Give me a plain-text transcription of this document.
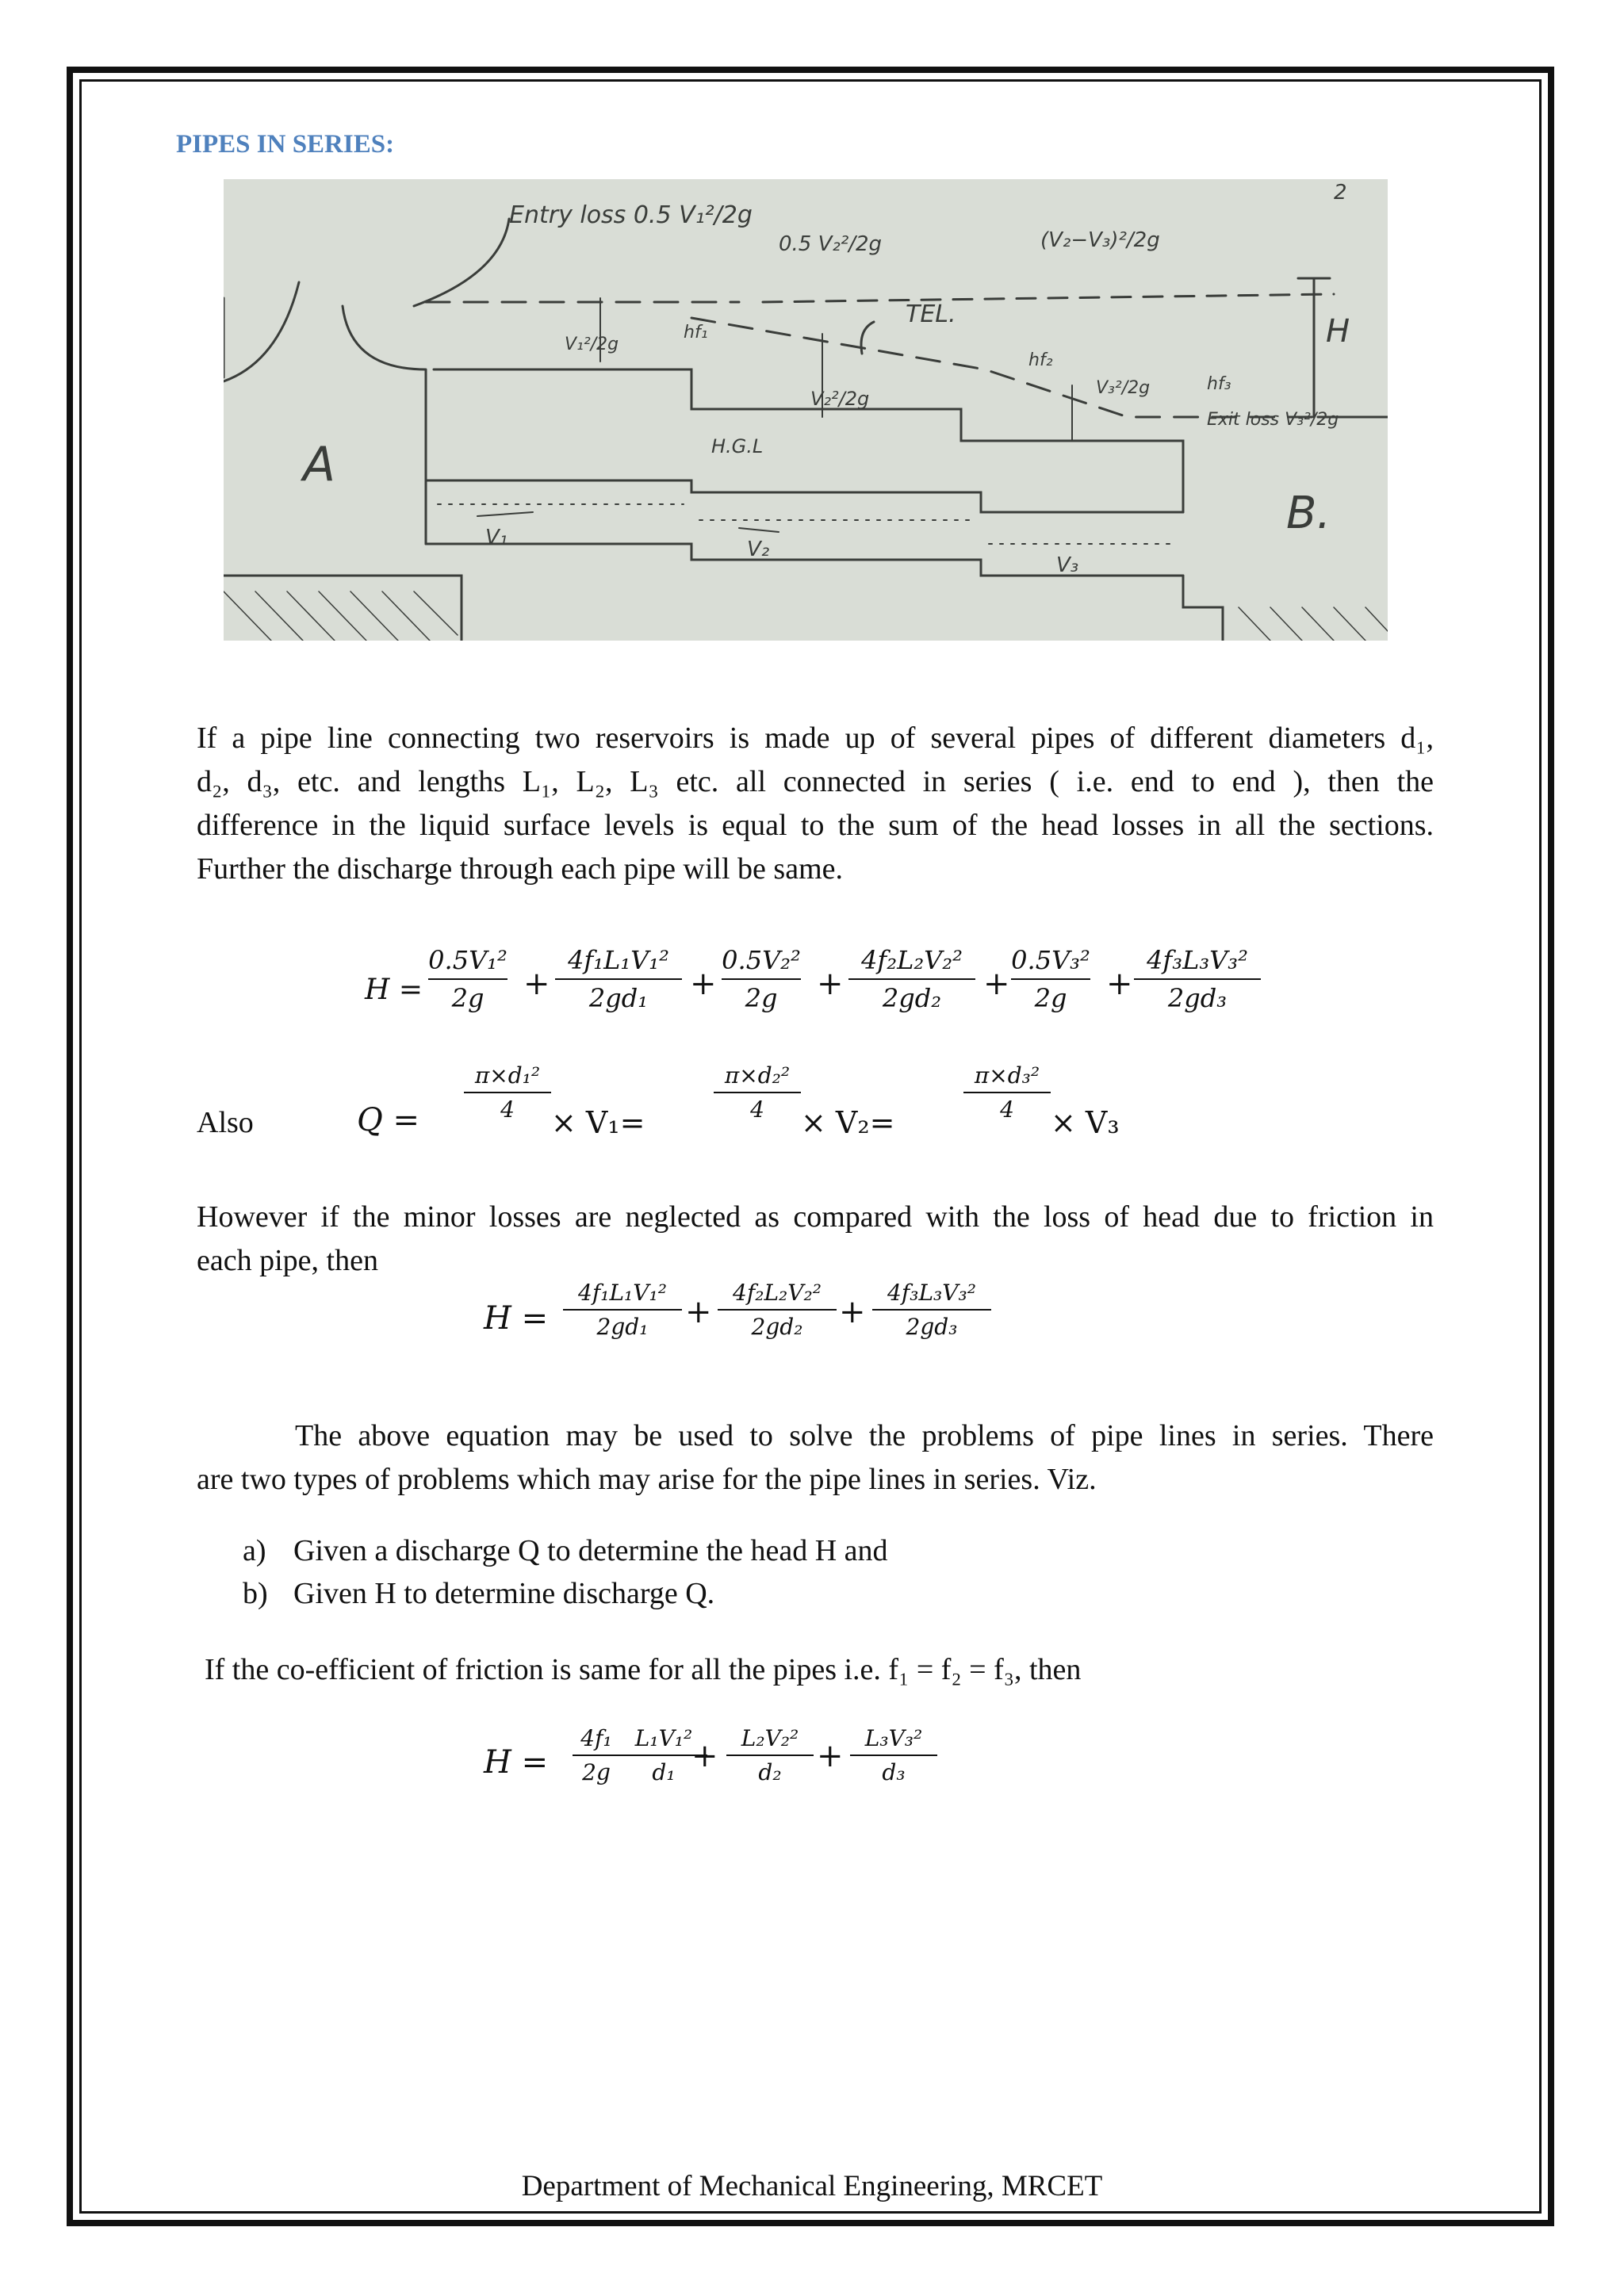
PIPES IN SERIES:
Entry loss 0.5 V₁²/2g
0.5 V₂²/2g	(V₂−V₃)²/2g
TEL.
H.G.L
V₁²/2g
V₂²/2g	V₃²/2g
hf₁
hf₂
hf₃
Exit loss V₃²/2g
H
A
B.
V₁	V₂
V₃
2
If a pipe line connecting two reservoirs is made up of several pipes of different diameters d₁,
d₂, d₃, etc. and lengths L₁, L₂, L₃ etc. all connected in series ( i.e. end to end ), then the
difference in the liquid surface levels is equal to the sum of the head losses in all the sections.
Further the discharge through each pipe will be same.
H =
0.5V₁²
2g	+
4f₁L₁V₁²
2gd₁	+
0.5V₂²
2g	+
4f₂L₂V₂²
2gd₂	+
0.5V₃²
2g	+
4f₃L₃V₃²
2gd₃
Also	Q =
π×d₁²
4	× V₁=
π×d₂²
4	× V₂=
π×d₃²
4	× V₃
However if the minor losses are neglected as compared with the loss of head due to friction in
each pipe, then
H =
4f₁L₁V₁²
2gd₁	+
4f₂L₂V₂²
2gd₂	+
4f₃L₃V₃²
2gd₃
The above equation may be used to solve the problems of pipe lines in series. There
are two types of problems which may arise for the pipe lines in series. Viz.
a) Given a discharge Q to determine the head H and
b) Given H to determine discharge Q.
If the co-efficient of friction is same for all the pipes i.e. f₁ = f₂ = f₃, then
H =
4f₁
2g
L₁V₁²
d₁ +	L₂V₂²
d₂	+ L₃V₃²
d₃
Department of Mechanical Engineering, MRCET
